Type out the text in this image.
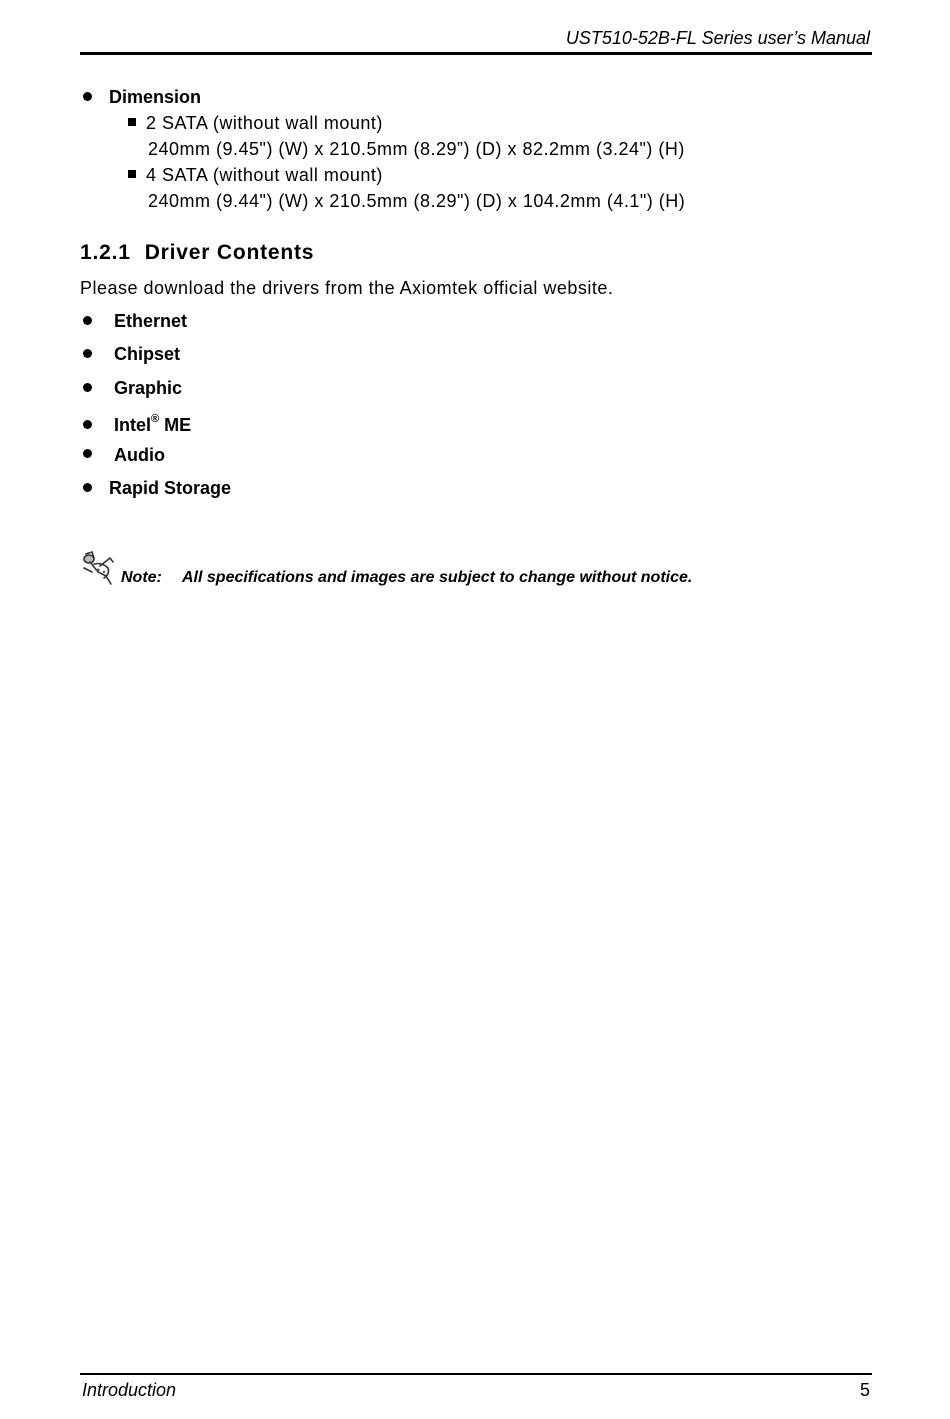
UST510-52B-FL Series user’s Manual
Dimension
2 SATA (without wall mount)
240mm (9.45") (W) x 210.5mm (8.29”) (D) x 82.2mm (3.24") (H)
4 SATA (without wall mount)
240mm (9.44") (W) x 210.5mm (8.29") (D) x 104.2mm (4.1") (H)
1.2.1 Driver Contents
Please download the drivers from the Axiomtek official website.
Ethernet
Chipset
Graphic
Intel® ME
Audio
Rapid Storage
Note: All specifications and images are subject to change without notice.
Introduction	5
